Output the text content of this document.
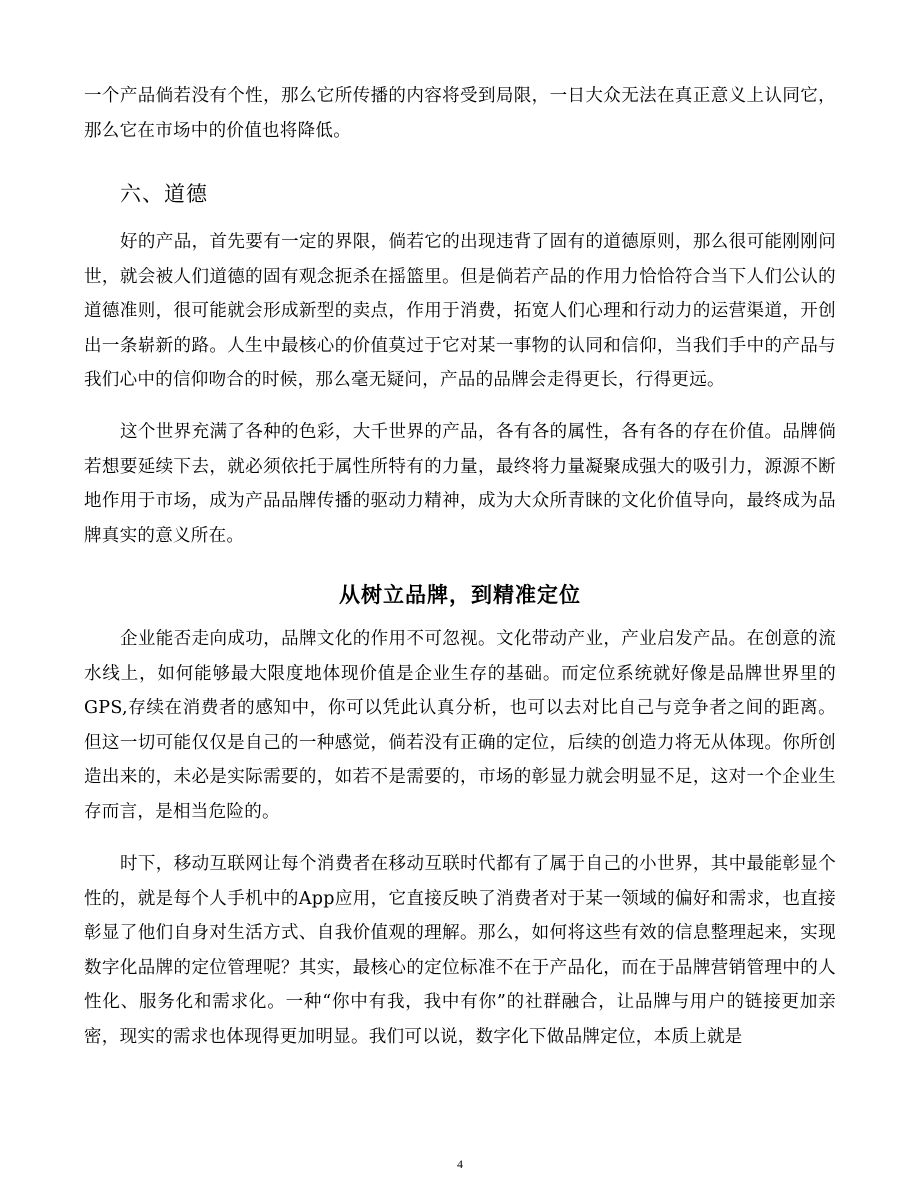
一个产品倘若没有个性，那么它所传播的内容将受到局限，一日大众无法在真正意义上认同它，那么它在市场中的价值也将降低。

六、道德

好的产品，首先要有一定的界限，倘若它的出现违背了固有的道德原则，那么很可能刚刚问世，就会被人们道德的固有观念扼杀在摇篮里。但是倘若产品的作用力恰恰符合当下人们公认的道德准则，很可能就会形成新型的卖点，作用于消费，拓宽人们心理和行动力的运营渠道，开创出一条崭新的路。人生中最核心的价值莫过于它对某一事物的认同和信仰，当我们手中的产品与我们心中的信仰吻合的时候，那么毫无疑问，产品的品牌会走得更长，行得更远。

这个世界充满了各种的色彩，大千世界的产品，各有各的属性，各有各的存在价值。品牌倘若想要延续下去，就必须依托于属性所特有的力量，最终将力量凝聚成强大的吸引力，源源不断地作用于市场，成为产品品牌传播的驱动力精神，成为大众所青睐的文化价值导向，最终成为品牌真实的意义所在。

从树立品牌，到精准定位

企业能否走向成功，品牌文化的作用不可忽视。文化带动产业，产业启发产品。在创意的流水线上，如何能够最大限度地体现价值是企业生存的基础。而定位系统就好像是品牌世界里的GPS,存续在消费者的感知中，你可以凭此认真分析，也可以去对比自己与竞争者之间的距离。但这一切可能仅仅是自己的一种感觉，倘若没有正确的定位，后续的创造力将无从体现。你所创造出来的，未必是实际需要的，如若不是需要的，市场的彰显力就会明显不足，这对一个企业生存而言，是相当危险的。

时下，移动互联网让每个消费者在移动互联时代都有了属于自己的小世界，其中最能彰显个性的，就是每个人手机中的App应用，它直接反映了消费者对于某一领域的偏好和需求，也直接彰显了他们自身对生活方式、自我价值观的理解。那么，如何将这些有效的信息整理起来，实现数字化品牌的定位管理呢？其实，最核心的定位标准不在于产品化，而在于品牌营销管理中的人性化、服务化和需求化。一种“你中有我，我中有你”的社群融合，让品牌与用户的链接更加亲密，现实的需求也体现得更加明显。我们可以说，数字化下做品牌定位，本质上就是

4
